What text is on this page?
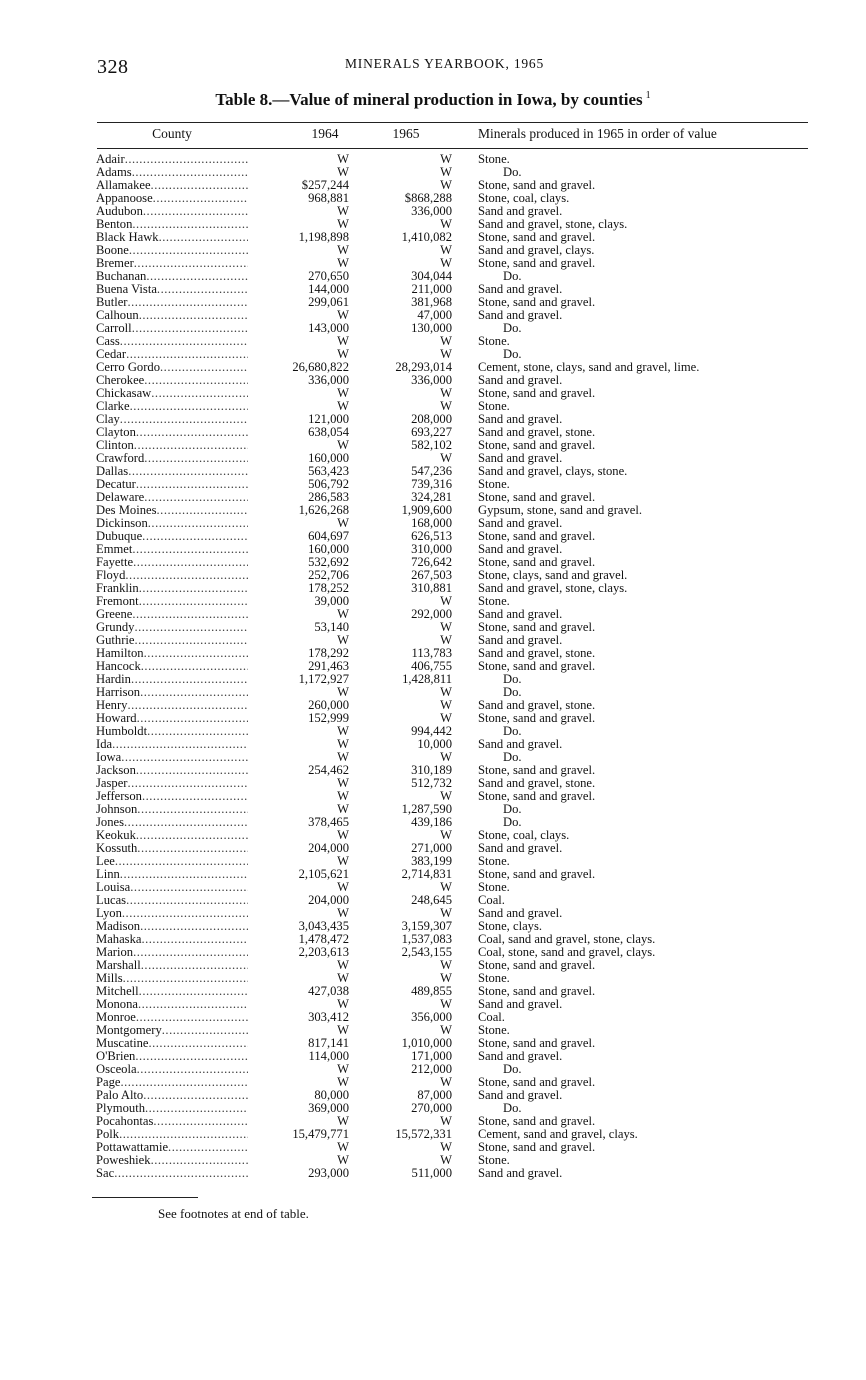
328	MINERALS YEARBOOK, 1965
Table 8.—Value of mineral production in Iowa, by counties $^1$
County	1964	1965	Minerals produced in 1965 in order of value
Adair .....	W	W Stone.
Adams .....	W	W	Do.
Allamakee .....	$257,244	W Stone, sand and gravel.
Appanoose .....	968,881	$868,288 Stone, coal, clays.
Audubon .....	W	336,000 Sand and gravel.
Benton .....	W	W Sand and gravel, stone, clays.
Black Hawk .....	1,198,898	1,410,082 Stone, sand and gravel.
Boone .....	W	W Sand and gravel, clays.
Bremer .....	W	W Stone, sand and gravel.
Buchanan .....	270,650	304,044	Do.
Buena Vista .....	144,000	211,000 Sand and gravel.
Butler .....	299,061	381,968 Stone, sand and gravel.
Calhoun .....	W	47,000 Sand and gravel.
Carroll .....	143,000	130,000	Do.
Cass .....	W	W Stone.
Cedar .....	W	W	Do.
Cerro Gordo .....	26,680,822	28,293,014 Cement, stone, clays, sand and gravel, lime.
Cherokee .....	336,000	336,000 Sand and gravel.
Chickasaw .....	W	W Stone, sand and gravel.
Clarke .....	W	W Stone.
Clay .....	121,000	208,000 Sand and gravel.
Clayton .....	638,054	693,227 Sand and gravel, stone.
Clinton .....	W	582,102 Stone, sand and gravel.
Crawford .....	160,000	W Sand and gravel.
Dallas .....	563,423	547,236 Sand and gravel, clays, stone.
Decatur .....	506,792	739,316 Stone.
Delaware .....	286,583	324,281 Stone, sand and gravel.
Des Moines .....	1,626,268	1,909,600 Gypsum, stone, sand and gravel.
Dickinson .....	W	168,000 Sand and gravel.
Dubuque .....	604,697	626,513 Stone, sand and gravel.
Emmet .....	160,000	310,000 Sand and gravel.
Fayette .....	532,692	726,642 Stone, sand and gravel.
Floyd .....	252,706	267,503 Stone, clays, sand and gravel.
Franklin .....	178,252	310,881 Sand and gravel, stone, clays.
Fremont .....	39,000	W Stone.
Greene .....	W	292,000 Sand and gravel.
Grundy .....	53,140	W Stone, sand and gravel.
Guthrie .....	W	W Sand and gravel.
Hamilton .....	178,292	113,783 Sand and gravel, stone.
Hancock .....	291,463	406,755 Stone, sand and gravel.
Hardin .....	1,172,927	1,428,811	Do.
Harrison .....	W	W	Do.
Henry .....	260,000	W Sand and gravel, stone.
Howard .....	152,999	W Stone, sand and gravel.
Humboldt .....	W	994,442	Do.
Ida .....	W	10,000 Sand and gravel.
Iowa .....	W	W	Do.
Jackson .....	254,462	310,189 Stone, sand and gravel.
Jasper .....	W	512,732 Sand and gravel, stone.
Jefferson .....	W	W Stone, sand and gravel.
Johnson .....	W	1,287,590	Do.
Jones .....	378,465	439,186	Do.
Keokuk .....	W	W Stone, coal, clays.
Kossuth .....	204,000	271,000 Sand and gravel.
Lee .....	W	383,199 Stone.
Linn .....	2,105,621	2,714,831 Stone, sand and gravel.
Louisa .....	W	W Stone.
Lucas .....	204,000	248,645 Coal.
Lyon .....	W	W Sand and gravel.
Madison .....	3,043,435	3,159,307 Stone, clays.
Mahaska .....	1,478,472	1,537,083 Coal, sand and gravel, stone, clays.
Marion .....	2,203,613	2,543,155 Coal, stone, sand and gravel, clays.
Marshall .....	W	W Stone, sand and gravel.
Mills .....	W	W Stone.
Mitchell .....	427,038	489,855 Stone, sand and gravel.
Monona .....	W	W Sand and gravel.
Monroe .....	303,412	356,000 Coal.
Montgomery .....	W	W Stone.
Muscatine .....	817,141	1,010,000 Stone, sand and gravel.
O'Brien .....	114,000	171,000 Sand and gravel.
Osceola .....	W	212,000	Do.
Page .....	W	W Stone, sand and gravel.
Palo Alto .....	80,000	87,000 Sand and gravel.
Plymouth .....	369,000	270,000	Do.
Pocahontas .....	W	W Stone, sand and gravel.
Polk .....	15,479,771	15,572,331 Cement, sand and gravel, clays.
Pottawattamie .....	W	W Stone, sand and gravel.
Poweshiek .....	W	W Stone.
Sac .....	293,000	511,000 Sand and gravel.
See footnotes at end of table.
